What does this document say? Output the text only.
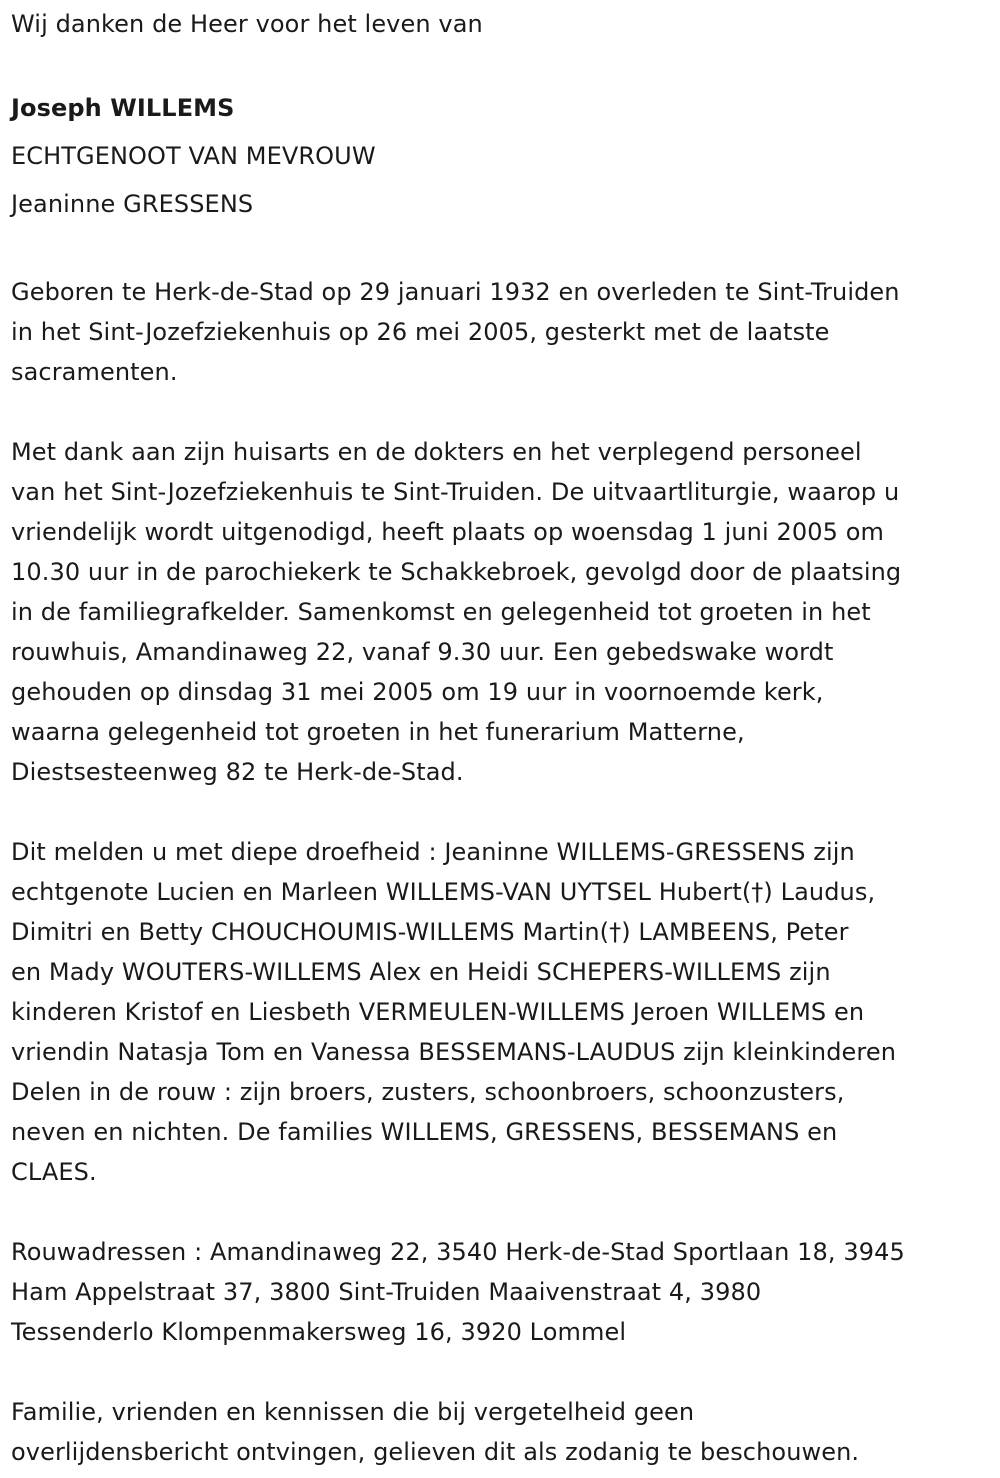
Wij danken de Heer voor het leven van

Joseph WILLEMS

ECHTGENOOT VAN MEVROUW

Jeaninne GRESSENS

Geboren te Herk-de-Stad op 29 januari 1932 en overleden te Sint-Truiden

in het Sint-Jozefziekenhuis op 26 mei 2005, gesterkt met de laatste

sacramenten.

Met dank aan zijn huisarts en de dokters en het verplegend personeel

van het Sint-Jozefziekenhuis te Sint-Truiden. De uitvaartliturgie, waarop u

vriendelijk wordt uitgenodigd, heeft plaats op woensdag 1 juni 2005 om

10.30 uur in de parochiekerk te Schakkebroek, gevolgd door de plaatsing

in de familiegrafkelder. Samenkomst en gelegenheid tot groeten in het

rouwhuis, Amandinaweg 22, vanaf 9.30 uur. Een gebedswake wordt

gehouden op dinsdag 31 mei 2005 om 19 uur in voornoemde kerk,

waarna gelegenheid tot groeten in het funerarium Matterne,

Diestsesteenweg 82 te Herk-de-Stad.

Dit melden u met diepe droefheid : Jeaninne WILLEMS-GRESSENS zijn

echtgenote Lucien en Marleen WILLEMS-VAN UYTSEL Hubert(†) Laudus,

Dimitri en Betty CHOUCHOUMIS-WILLEMS Martin(†) LAMBEENS, Peter

en Mady WOUTERS-WILLEMS Alex en Heidi SCHEPERS-WILLEMS zijn

kinderen Kristof en Liesbeth VERMEULEN-WILLEMS Jeroen WILLEMS en

vriendin Natasja Tom en Vanessa BESSEMANS-LAUDUS zijn kleinkinderen

Delen in de rouw : zijn broers, zusters, schoonbroers, schoonzusters,

neven en nichten. De families WILLEMS, GRESSENS, BESSEMANS en

CLAES.

Rouwadressen : Amandinaweg 22, 3540 Herk-de-Stad Sportlaan 18, 3945

Ham Appelstraat 37, 3800 Sint-Truiden Maaivenstraat 4, 3980

Tessenderlo Klompenmakersweg 16, 3920 Lommel

Familie, vrienden en kennissen die bij vergetelheid geen

overlijdensbericht ontvingen, gelieven dit als zodanig te beschouwen.
